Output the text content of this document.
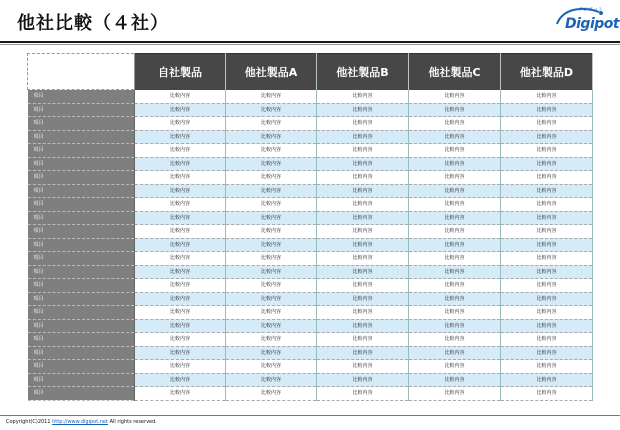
他社比較（４社）
デジポット
Digipot
	自社製品	他社製品A	他社製品B	他社製品C	他社製品D
項目	比較内容	比較内容	比較内容	比較内容	比較内容
項目	比較内容	比較内容	比較内容	比較内容	比較内容
項目	比較内容	比較内容	比較内容	比較内容	比較内容
項目	比較内容	比較内容	比較内容	比較内容	比較内容
項目	比較内容	比較内容	比較内容	比較内容	比較内容
項目	比較内容	比較内容	比較内容	比較内容	比較内容
項目	比較内容	比較内容	比較内容	比較内容	比較内容
項目	比較内容	比較内容	比較内容	比較内容	比較内容
項目	比較内容	比較内容	比較内容	比較内容	比較内容
項目	比較内容	比較内容	比較内容	比較内容	比較内容
項目	比較内容	比較内容	比較内容	比較内容	比較内容
項目	比較内容	比較内容	比較内容	比較内容	比較内容
項目	比較内容	比較内容	比較内容	比較内容	比較内容
項目	比較内容	比較内容	比較内容	比較内容	比較内容
項目	比較内容	比較内容	比較内容	比較内容	比較内容
項目	比較内容	比較内容	比較内容	比較内容	比較内容
項目	比較内容	比較内容	比較内容	比較内容	比較内容
項目	比較内容	比較内容	比較内容	比較内容	比較内容
項目	比較内容	比較内容	比較内容	比較内容	比較内容
項目	比較内容	比較内容	比較内容	比較内容	比較内容
項目	比較内容	比較内容	比較内容	比較内容	比較内容
項目	比較内容	比較内容	比較内容	比較内容	比較内容
項目	比較内容	比較内容	比較内容	比較内容	比較内容
Copyright(C)2011 http://www.digipot.net All rights reserved.
